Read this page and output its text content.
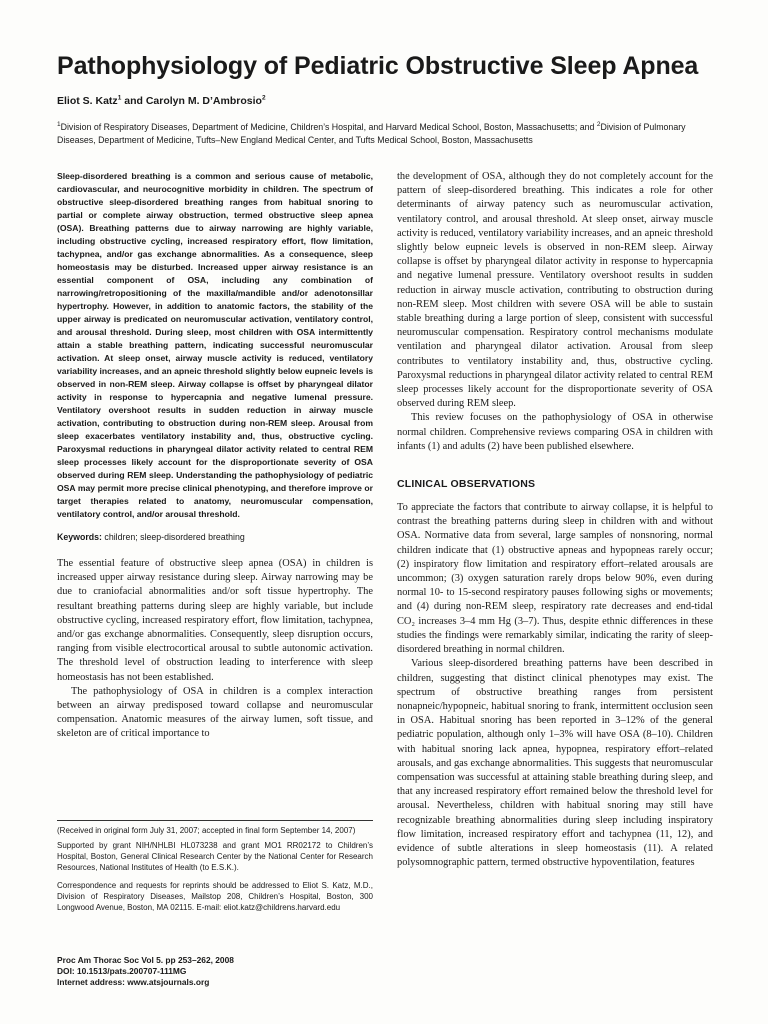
Pathophysiology of Pediatric Obstructive Sleep Apnea
Eliot S. Katz$^1$ and Carolyn M. D’Ambrosio$^2$
$^1$Division of Respiratory Diseases, Department of Medicine, Children’s Hospital, and Harvard Medical School, Boston, Massachusetts; and $^2$Division of Pulmonary Diseases, Department of Medicine, Tufts–New England Medical Center, and Tufts Medical School, Boston, Massachusetts

Sleep-disordered breathing is a common and serious cause of metabolic, cardiovascular, and neurocognitive morbidity in children. The spectrum of obstructive sleep-disordered breathing ranges from habitual snoring to partial or complete airway obstruction, termed obstructive sleep apnea (OSA). Breathing patterns due to airway narrowing are highly variable, including obstructive cycling, increased respiratory effort, flow limitation, tachypnea, and/or gas exchange abnormalities. As a consequence, sleep homeostasis may be disturbed. Increased upper airway resistance is an essential component of OSA, including any combination of narrowing/retropositioning of the maxilla/mandible and/or adenotonsillar hypertrophy. However, in addition to anatomic factors, the stability of the upper airway is predicated on neuromuscular activation, ventilatory control, and arousal threshold. During sleep, most children with OSA intermittently attain a stable breathing pattern, indicating successful neuromuscular activation. At sleep onset, airway muscle activity is reduced, ventilatory variability increases, and an apneic threshold slightly below eupneic levels is observed in non-REM sleep. Airway collapse is offset by pharyngeal dilator activity in response to hypercapnia and negative lumenal pressure. Ventilatory overshoot results in sudden reduction in airway muscle activation, contributing to obstruction during non-REM sleep. Arousal from sleep exacerbates ventilatory instability and, thus, obstructive cycling. Paroxysmal reductions in pharyngeal dilator activity related to central REM sleep processes likely account for the disproportionate severity of OSA observed during REM sleep. Understanding the pathophysiology of pediatric OSA may permit more precise clinical phenotyping, and therefore improve or target therapies related to anatomy, neuromuscular compensation, ventilatory control, and/or arousal threshold.

Keywords: children; sleep-disordered breathing

The essential feature of obstructive sleep apnea (OSA) in children is increased upper airway resistance during sleep. Airway narrowing may be due to craniofacial abnormalities and/or soft tissue hypertrophy. The resultant breathing patterns during sleep are highly variable, but include obstructive cycling, increased respiratory effort, flow limitation, tachypnea, and/or gas exchange abnormalities. Consequently, sleep disruption occurs, ranging from visible electrocortical arousal to subtle autonomic activation. The threshold level of obstruction leading to interference with sleep homeostasis has not been established.

The pathophysiology of OSA in children is a complex interaction between an airway predisposed toward collapse and neuromuscular compensation. Anatomic measures of the airway lumen, soft tissue, and skeleton are of critical importance to

(Received in original form July 31, 2007; accepted in final form September 14, 2007)

Supported by grant NIH/NHLBI HL073238 and grant MO1 RR02172 to Children’s Hospital, Boston, General Clinical Research Center by the National Center for Research Resources, National Institutes of Health (to E.S.K.).

Correspondence and requests for reprints should be addressed to Eliot S. Katz, M.D., Division of Respiratory Diseases, Mailstop 208, Children’s Hospital, Boston, 300 Longwood Avenue, Boston, MA 02115. E-mail: eliot.katz@childrens.harvard.edu

Proc Am Thorac Soc Vol 5. pp 253–262, 2008
DOI: 10.1513/pats.200707-111MG
Internet address: www.atsjournals.org

the development of OSA, although they do not completely account for the pattern of sleep-disordered breathing. This indicates a role for other determinants of airway patency such as neuromuscular activation, ventilatory control, and arousal threshold. At sleep onset, airway muscle activity is reduced, ventilatory variability increases, and an apneic threshold slightly below eupneic levels is observed in non-REM sleep. Airway collapse is offset by pharyngeal dilator activity in response to hypercapnia and negative lumenal pressure. Ventilatory overshoot results in sudden reduction in airway muscle activation, contributing to obstruction during non-REM sleep. Most children with severe OSA will be able to sustain stable breathing during a large portion of sleep, consistent with successful neuromuscular compensation. Respiratory control mechanisms modulate ventilation and pharyngeal dilator activation. Arousal from sleep contributes to ventilatory instability and, thus, obstructive cycling. Paroxysmal reductions in pharyngeal dilator activity related to central REM sleep processes likely account for the disproportionate severity of OSA observed during REM sleep.

This review focuses on the pathophysiology of OSA in otherwise normal children. Comprehensive reviews comparing OSA in children with infants (1) and adults (2) have been published elsewhere.

CLINICAL OBSERVATIONS

To appreciate the factors that contribute to airway collapse, it is helpful to contrast the breathing patterns during sleep in children with and without OSA. Normative data from several, large samples of nonsnoring, normal children indicate that (1) obstructive apneas and hypopneas rarely occur; (2) inspiratory flow limitation and respiratory effort–related arousals are uncommon; (3) oxygen saturation rarely drops below 90%, even during normal 10- to 15-second respiratory pauses following sighs or movements; and (4) during non-REM sleep, respiratory rate decreases and end-tidal CO₂ increases 3–4 mm Hg (3–7). Thus, despite ethnic differences in these studies the findings were remarkably similar, indicating the rarity of sleep-disordered breathing in normal children.

Various sleep-disordered breathing patterns have been described in children, suggesting that distinct clinical phenotypes may exist. The spectrum of obstructive breathing ranges from persistent nonapneic/hypopneic, habitual snoring to frank, intermittent occlusion seen in OSA. Habitual snoring has been reported in 3–12% of the general pediatric population, although only 1–3% will have OSA (8–10). Children with habitual snoring lack apnea, hypopnea, respiratory effort–related arousals, and gas exchange abnormalities. This suggests that neuromuscular compensation was successful at attaining stable breathing during sleep, and that any increased respiratory effort remained below the threshold level for arousal. Nevertheless, children with habitual snoring may still have recognizable breathing abnormalities during sleep including inspiratory flow limitation, increased respiratory effort and tachypnea (11, 12), and evidence of subtle alterations in sleep homeostasis (11). A related polysomnographic pattern, termed obstructive hypoventilation, features
